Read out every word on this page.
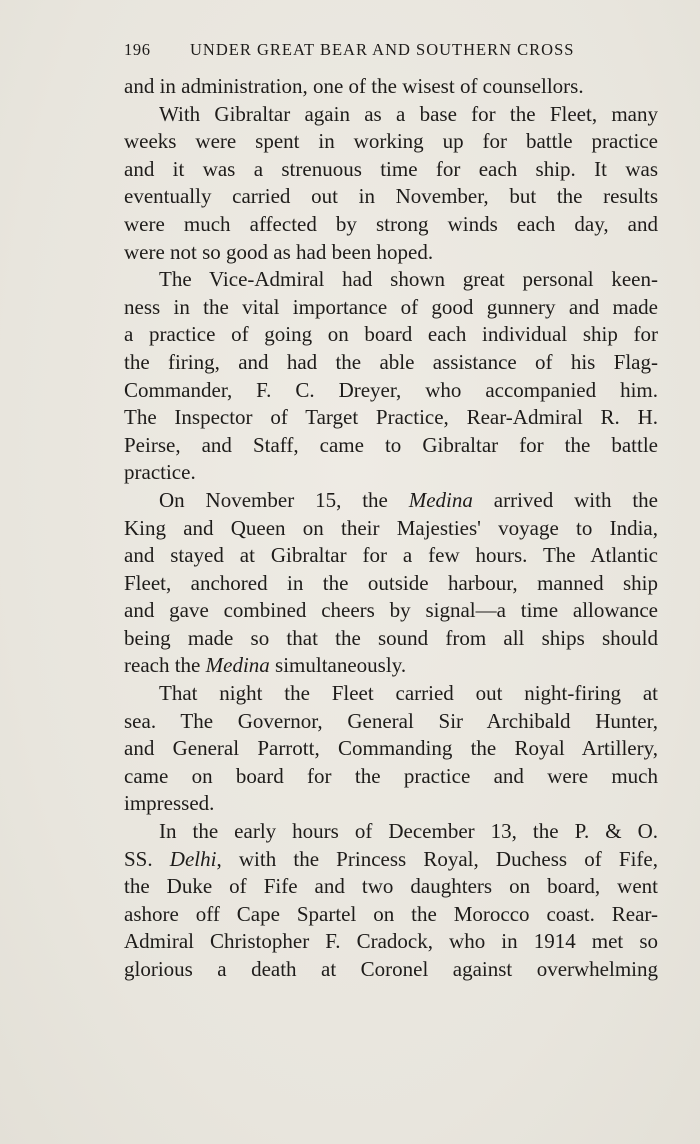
196 UNDER GREAT BEAR AND SOUTHERN CROSS

and in administration, one of the wisest of counsellors.

With Gibraltar again as a base for the Fleet, many
weeks were spent in working up for battle practice
and it was a strenuous time for each ship. It was
eventually carried out in November, but the results
were much affected by strong winds each day, and
were not so good as had been hoped.

The Vice-Admiral had shown great personal keen-
ness in the vital importance of good gunnery and made
a practice of going on board each individual ship for
the firing, and had the able assistance of his Flag-
Commander, F. C. Dreyer, who accompanied him.
The Inspector of Target Practice, Rear-Admiral R. H.
Peirse, and Staff, came to Gibraltar for the battle
practice.

On November 15, the Medina arrived with the
King and Queen on their Majesties' voyage to India,
and stayed at Gibraltar for a few hours. The Atlantic
Fleet, anchored in the outside harbour, manned ship
and gave combined cheers by signal—a time allowance
being made so that the sound from all ships should
reach the Medina simultaneously.

That night the Fleet carried out night-firing at
sea. The Governor, General Sir Archibald Hunter,
and General Parrott, Commanding the Royal Artillery,
came on board for the practice and were much
impressed.

In the early hours of December 13, the P. & O.
SS. Delhi, with the Princess Royal, Duchess of Fife,
the Duke of Fife and two daughters on board, went
ashore off Cape Spartel on the Morocco coast. Rear-
Admiral Christopher F. Cradock, who in 1914 met so
glorious a death at Coronel against overwhelming
